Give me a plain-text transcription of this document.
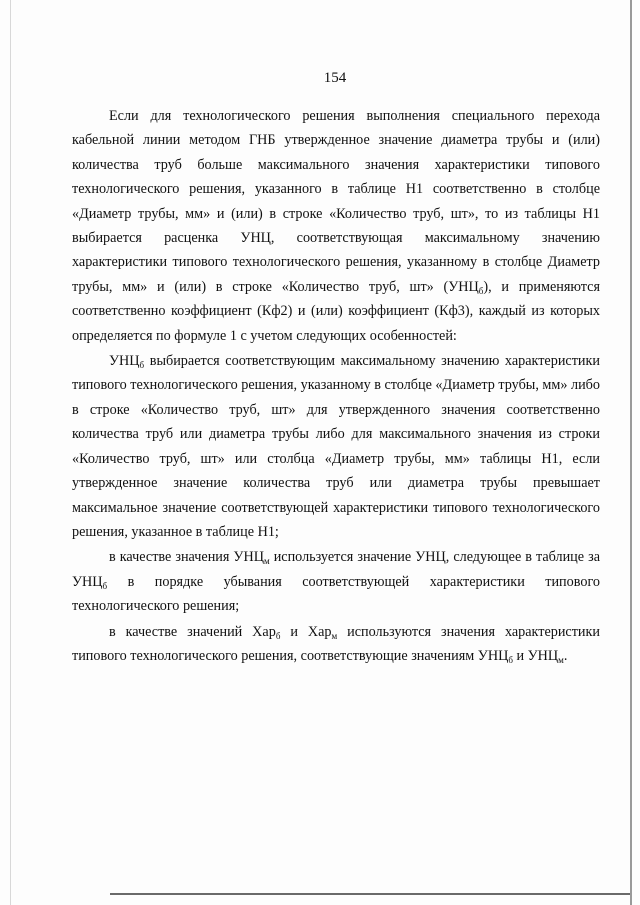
154

Если для технологического решения выполнения специального перехода кабельной линии методом ГНБ утвержденное значение диаметра трубы и (или) количества труб больше максимального значения характеристики типового технологического решения, указанного в таблице Н1 соответственно в столбце «Диаметр трубы, мм» и (или) в строке «Количество труб, шт», то из таблицы Н1 выбирается расценка УНЦ, соответствующая максимальному значению характеристики типового технологического решения, указанному в столбце Диаметр трубы, мм» и (или) в строке «Количество труб, шт» $(УНЦ_б)$, и применяются соответственно коэффициент (Кф2) и (или) коэффициент (Кф3), каждый из которых определяется по формуле 1 с учетом следующих особенностей:

$УНЦ_б$ выбирается соответствующим максимальному значению характеристики типового технологического решения, указанному в столбце «Диаметр трубы, мм» либо в строке «Количество труб, шт» для утвержденного значения соответственно количества труб или диаметра трубы либо для максимального значения из строки «Количество труб, шт» или столбца «Диаметр трубы, мм» таблицы Н1, если утвержденное значение количества труб или диаметра трубы превышает максимальное значение соответствующей характеристики типового технологического решения, указанное в таблице Н1;

в качестве значения $УНЦ_м$ используется значение УНЦ, следующее в таблице за $УНЦ_б$ в порядке убывания соответствующей характеристики типового технологического решения;

в качестве значений Хар$_б$ и Хар$_м$ используются значения характеристики типового технологического решения, соответствующие значениям $УНЦ_б$ и $УНЦ_м$.
